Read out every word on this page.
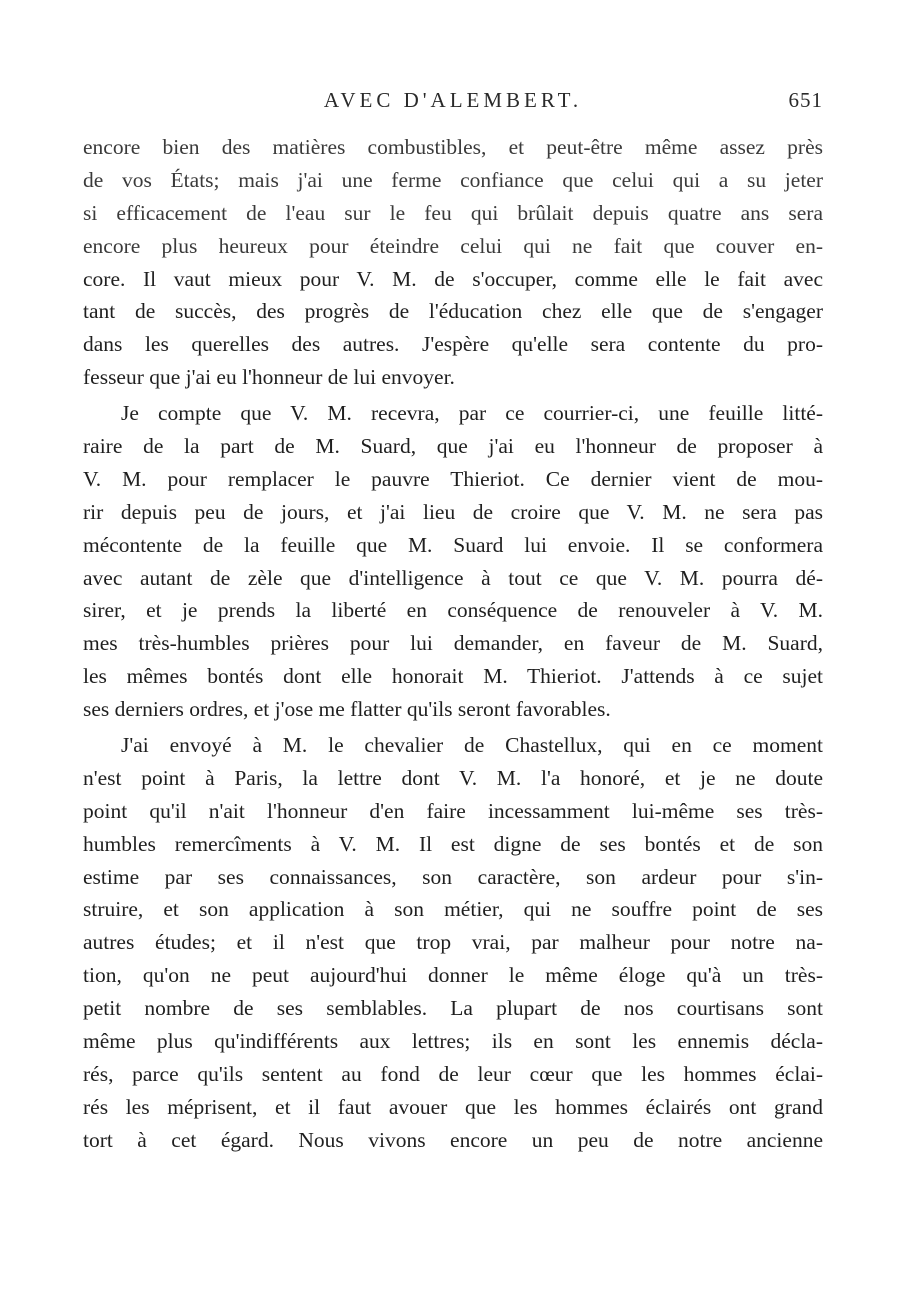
AVEC D'ALEMBERT.	651
encore bien des matières combustibles, et peut-être même assez près
de vos États; mais j'ai une ferme confiance que celui qui a su jeter
si efficacement de l'eau sur le feu qui brûlait depuis quatre ans sera
encore plus heureux pour éteindre celui qui ne fait que couver en-
core. Il vaut mieux pour V. M. de s'occuper, comme elle le fait avec
tant de succès, des progrès de l'éducation chez elle que de s'engager
dans les querelles des autres. J'espère qu'elle sera contente du pro-
fesseur que j'ai eu l'honneur de lui envoyer.
Je compte que V. M. recevra, par ce courrier-ci, une feuille litté-
raire de la part de M. Suard, que j'ai eu l'honneur de proposer à
V. M. pour remplacer le pauvre Thieriot. Ce dernier vient de mou-
rir depuis peu de jours, et j'ai lieu de croire que V. M. ne sera pas
mécontente de la feuille que M. Suard lui envoie. Il se conformera
avec autant de zèle que d'intelligence à tout ce que V. M. pourra dé-
sirer, et je prends la liberté en conséquence de renouveler à V. M.
mes très-humbles prières pour lui demander, en faveur de M. Suard,
les mêmes bontés dont elle honorait M. Thieriot. J'attends à ce sujet
ses derniers ordres, et j'ose me flatter qu'ils seront favorables.
J'ai envoyé à M. le chevalier de Chastellux, qui en ce moment
n'est point à Paris, la lettre dont V. M. l'a honoré, et je ne doute
point qu'il n'ait l'honneur d'en faire incessamment lui-même ses très-
humbles remercîments à V. M. Il est digne de ses bontés et de son
estime par ses connaissances, son caractère, son ardeur pour s'in-
struire, et son application à son métier, qui ne souffre point de ses
autres études; et il n'est que trop vrai, par malheur pour notre na-
tion, qu'on ne peut aujourd'hui donner le même éloge qu'à un très-
petit nombre de ses semblables. La plupart de nos courtisans sont
même plus qu'indifférents aux lettres; ils en sont les ennemis décla-
rés, parce qu'ils sentent au fond de leur cœur que les hommes éclai-
rés les méprisent, et il faut avouer que les hommes éclairés ont grand
tort à cet égard. Nous vivons encore un peu de notre ancienne
